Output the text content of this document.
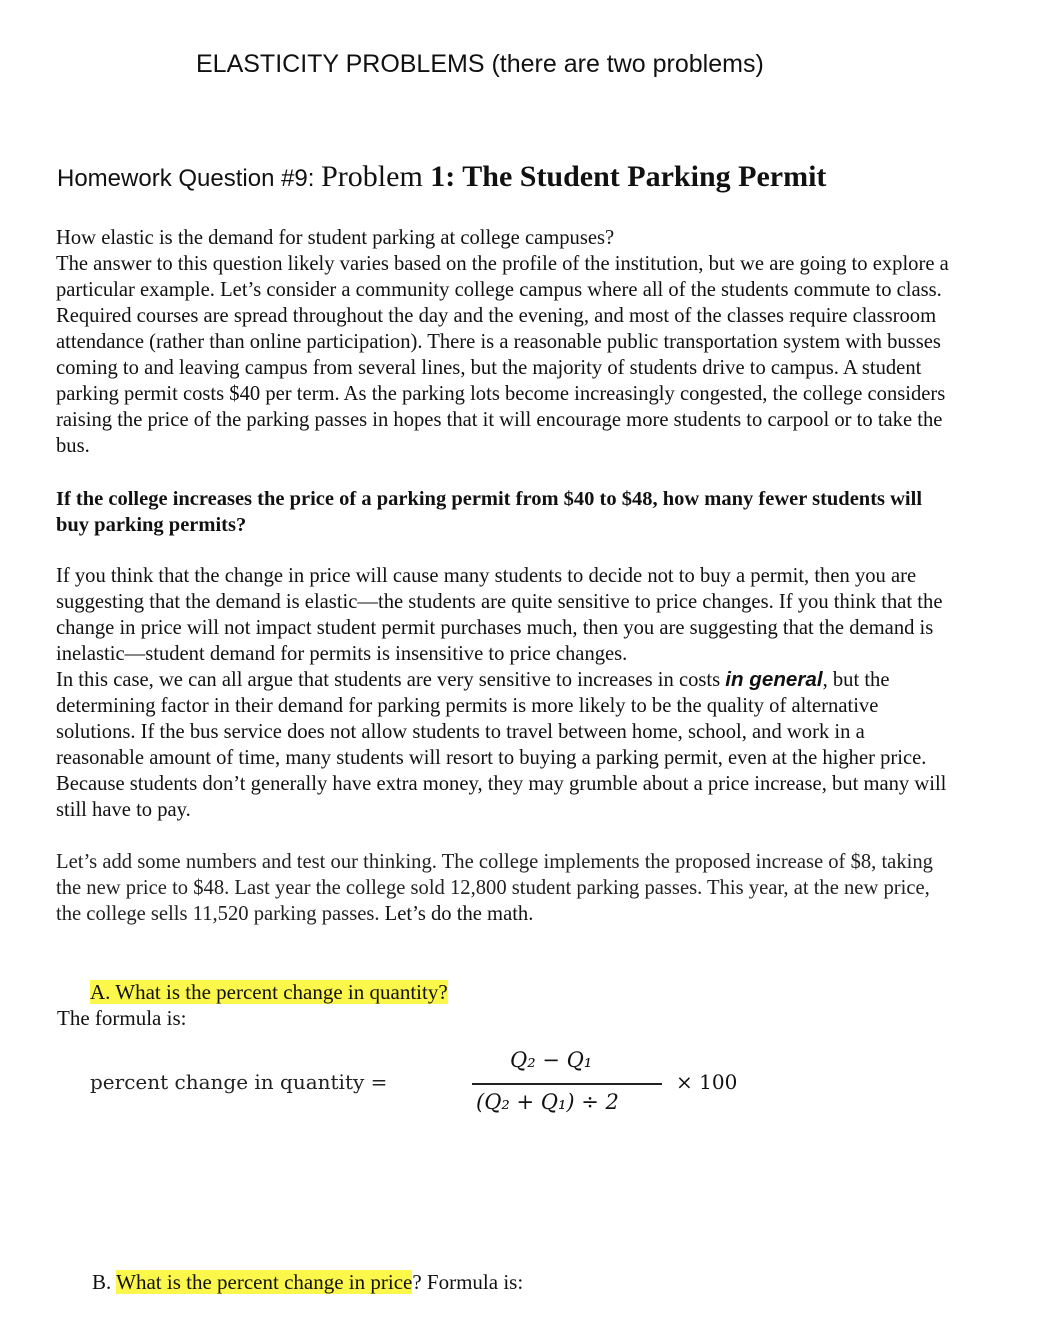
ELASTICITY PROBLEMS (there are two problems)
Homework Question #9: Problem 1: The Student Parking Permit

How elastic is the demand for student parking at college campuses?
The answer to this question likely varies based on the profile of the institution, but we are going to explore a particular example. Let’s consider a community college campus where all of the students commute to class. Required courses are spread throughout the day and the evening, and most of the classes require classroom attendance (rather than online participation). There is a reasonable public transportation system with busses coming to and leaving campus from several lines, but the majority of students drive to campus. A student parking permit costs $40 per term. As the parking lots become increasingly congested, the college considers raising the price of the parking passes in hopes that it will encourage more students to carpool or to take the bus.

If the college increases the price of a parking permit from $40 to $48, how many fewer students will buy parking permits?

If you think that the change in price will cause many students to decide not to buy a permit, then you are suggesting that the demand is elastic—the students are quite sensitive to price changes. If you think that the change in price will not impact student permit purchases much, then you are suggesting that the demand is inelastic—student demand for permits is insensitive to price changes.
In this case, we can all argue that students are very sensitive to increases in costs in general, but the determining factor in their demand for parking permits is more likely to be the quality of alternative solutions. If the bus service does not allow students to travel between home, school, and work in a reasonable amount of time, many students will resort to buying a parking permit, even at the higher price. Because students don’t generally have extra money, they may grumble about a price increase, but many will still have to pay.

Let’s add some numbers and test our thinking. The college implements the proposed increase of $8, taking the new price to $48. Last year the college sold 12,800 student parking passes. This year, at the new price, the college sells 11,520 parking passes. Let’s do the math.

A. What is the percent change in quantity?
The formula is:
percent change in quantity =
Q₂ − Q₁
(Q₂ + Q₁) ÷ 2
× 100
B. What is the percent change in price? Formula is:
